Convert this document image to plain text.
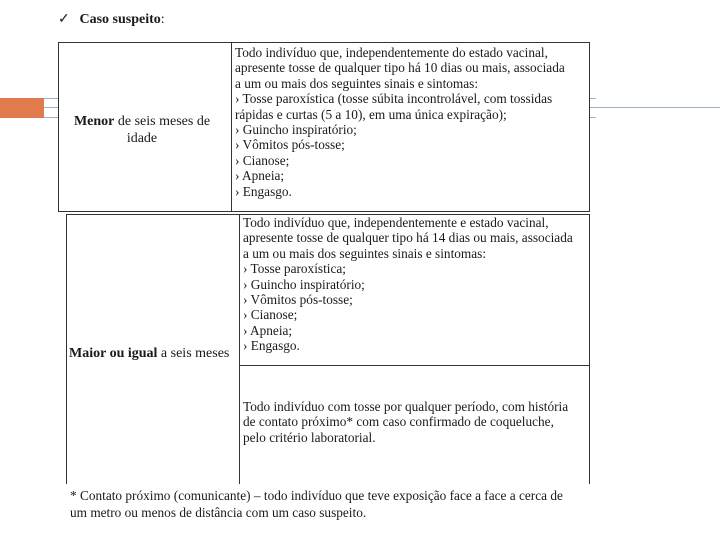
✓ Caso suspeito:
Menor de seis meses de idade

Todo indivíduo que, independentemente do estado vacinal,

apresente tosse de qualquer tipo há 10 dias ou mais, associada

a um ou mais dos seguintes sinais e sintomas:

› Tosse paroxística (tosse súbita incontrolável, com tossidas

rápidas e curtas (5 a 10), em uma única expiração);

› Guincho inspiratório;

› Vômitos pós-tosse;

› Cianose;

› Apneia;

› Engasgo.

Maior ou igual a seis meses

Todo indivíduo que, independentemente e estado vacinal,

apresente tosse de qualquer tipo há 14 dias ou mais, associada

a um ou mais dos seguintes sinais e sintomas:

› Tosse paroxística;

› Guincho inspiratório;

› Vômitos pós-tosse;

› Cianose;

› Apneia;

› Engasgo.

Todo indivíduo com tosse por qualquer período, com história

de contato próximo* com caso confirmado de coqueluche,

pelo critério laboratorial.

* Contato próximo (comunicante) – todo indivíduo que teve exposição face a face a cerca de
um metro ou menos de distância com um caso suspeito.
